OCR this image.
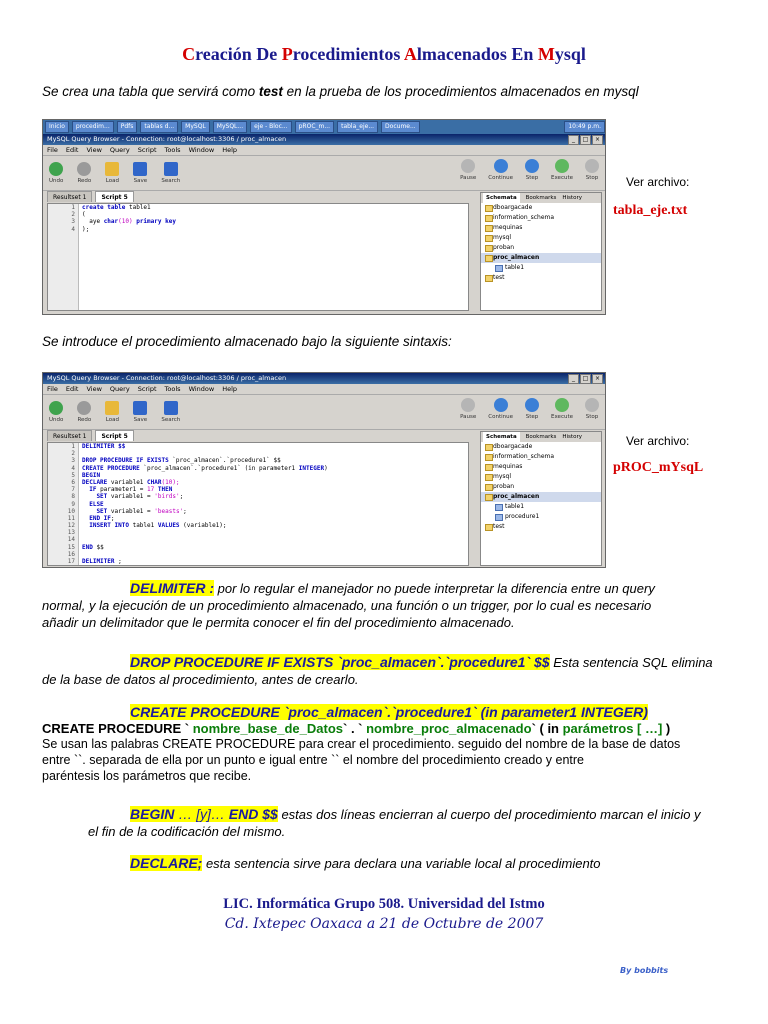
Creación De Procedimientos Almacenados En Mysql
Se crea una tabla que servirá como test en la prueba de los procedimientos almacenados en mysql
Inicio	procedim...	Pdfs	tablas d...	MySQL	MySQL...	eje - Bloc...	pROC_m...	tabla_eje...	Docume...	10:49 p.m.
MySQL Query Browser - Connection: root@localhost:3306 / proc_almacen	_	□	×
File Edit View Query Script Tools Window Help
Undo	Redo	Load	Save	Search	Pause Continue Step Execute Stop
Resultset 1	Script 5
1
2
3
4
create table table1
(
aye char(10) primary key
);
Schemata	Bookmarks History
dboargacade
information_schema
mequinas
mysql
proban
proc_almacen
table1
test
Ver archivo:
tabla_eje.txt
Se introduce el procedimiento almacenado bajo la siguiente sintaxis:
MySQL Query Browser - Connection: root@localhost:3306 / proc_almacen	_	□	×
File Edit View Query Script Tools Window Help
Undo	Redo	Load	Save	Search	Pause Continue Step Execute Stop
Resultset 1	Script 5
1
2
3
4
5
6
7
8
9
10
11
12
13
14
15
16
17
DELIMITER $$
DROP PROCEDURE IF EXISTS `proc_almacen`.`procedure1` $$
CREATE PROCEDURE `proc_almacen`.`procedure1` (in parameter1 INTEGER)
BEGIN
DECLARE variable1 CHAR(10);
IF parameter1 = 17 THEN
SET variable1 = 'birds';
ELSE
SET variable1 = 'beasts';
END IF;
INSERT INTO table1 VALUES (variable1);
END $$
DELIMITER ;
Schemata	Bookmarks History
dboargacade
information_schema
mequinas
mysql
proban
proc_almacen
table1
procedure1
test
Ver archivo:
pROC_mYsqL
DELIMITER : por lo regular el manejador no puede interpretar la diferencia entre un query
normal, y la ejecución de un procedimiento almacenado, una función o un trigger, por lo cual es necesario
añadir un delimitador que le permita conocer el fin del procedimiento almacenado.
DROP PROCEDURE IF EXISTS `proc_almacen`.`procedure1` $$ Esta sentencia SQL elimina
de la base de datos al procedimiento, antes de crearlo.
CREATE PROCEDURE `proc_almacen`.`procedure1` (in parameter1 INTEGER)
CREATE PROCEDURE ` nombre_base_de_Datos` . ` nombre_proc_almacenado` ( in parámetros [ …] )
Se usan las palabras CREATE PROCEDURE para crear el procedimiento. seguido del nombre de la base de datos
entre ``. separada de ella por un punto e igual entre `` el nombre del procedimiento creado y entre
paréntesis los parámetros que recibe.
BEGIN … [y]… END $$ estas dos líneas encierran al cuerpo del procedimiento marcan el inicio y
el fin de la codificación del mismo.
DECLARE; esta sentencia sirve para declara una variable local al procedimiento
LIC. Informática Grupo 508. Universidad del Istmo
Cd. Ixtepec Oaxaca a 21 de Octubre de 2007
By bobbits
